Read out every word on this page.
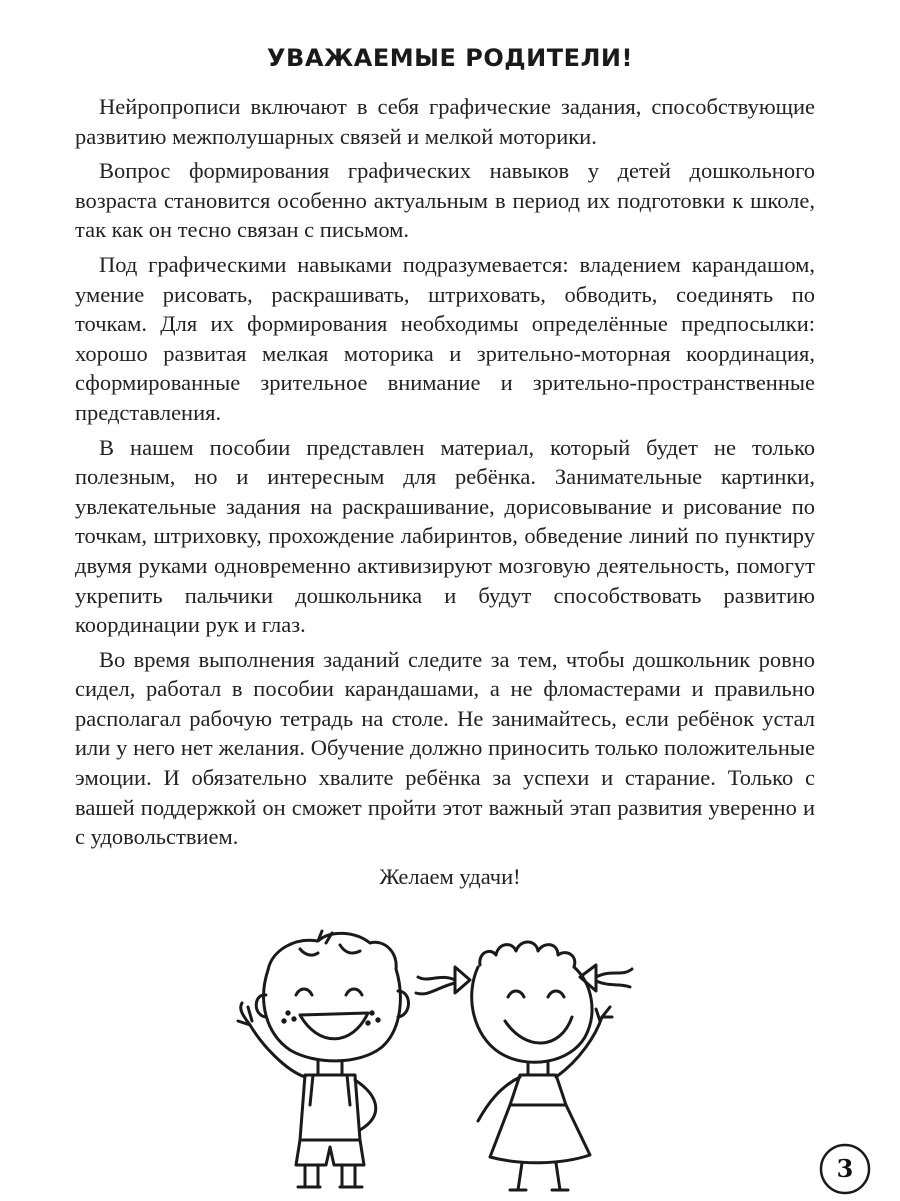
УВАЖАЕМЫЕ РОДИТЕЛИ!

Нейропрописи включают в себя графические задания, способствующие развитию межполушарных связей и мелкой моторики.

Вопрос формирования графических навыков у детей дошкольного возраста становится особенно актуальным в период их подготовки к школе, так как он тесно связан с письмом.

Под графическими навыками подразумевается: владением карандашом, умение рисовать, раскрашивать, штриховать, обводить, соединять по точкам. Для их формирования необходимы определённые предпосылки: хорошо развитая мелкая моторика и зрительно-моторная координация, сформированные зрительное внимание и зрительно-пространственные представления.

В нашем пособии представлен материал, который будет не только полезным, но и интересным для ребёнка. Занимательные картинки, увлекательные задания на раскрашивание, дорисовывание и рисование по точкам, штриховку, прохождение лабиринтов, обведение линий по пунктиру двумя руками одновременно активизируют мозговую деятельность, помогут укрепить пальчики дошкольника и будут способствовать развитию координации рук и глаз.

Во время выполнения заданий следите за тем, чтобы дошкольник ровно сидел, работал в пособии карандашами, а не фломастерами и правильно располагал рабочую тетрадь на столе. Не занимайтесь, если ребёнок устал или у него нет желания. Обучение должно приносить только положительные эмоции. И обязательно хвалите ребёнка за успехи и старание. Только с вашей поддержкой он сможет пройти этот важный этап развития уверенно и с удовольствием.

Желаем удачи!
3
